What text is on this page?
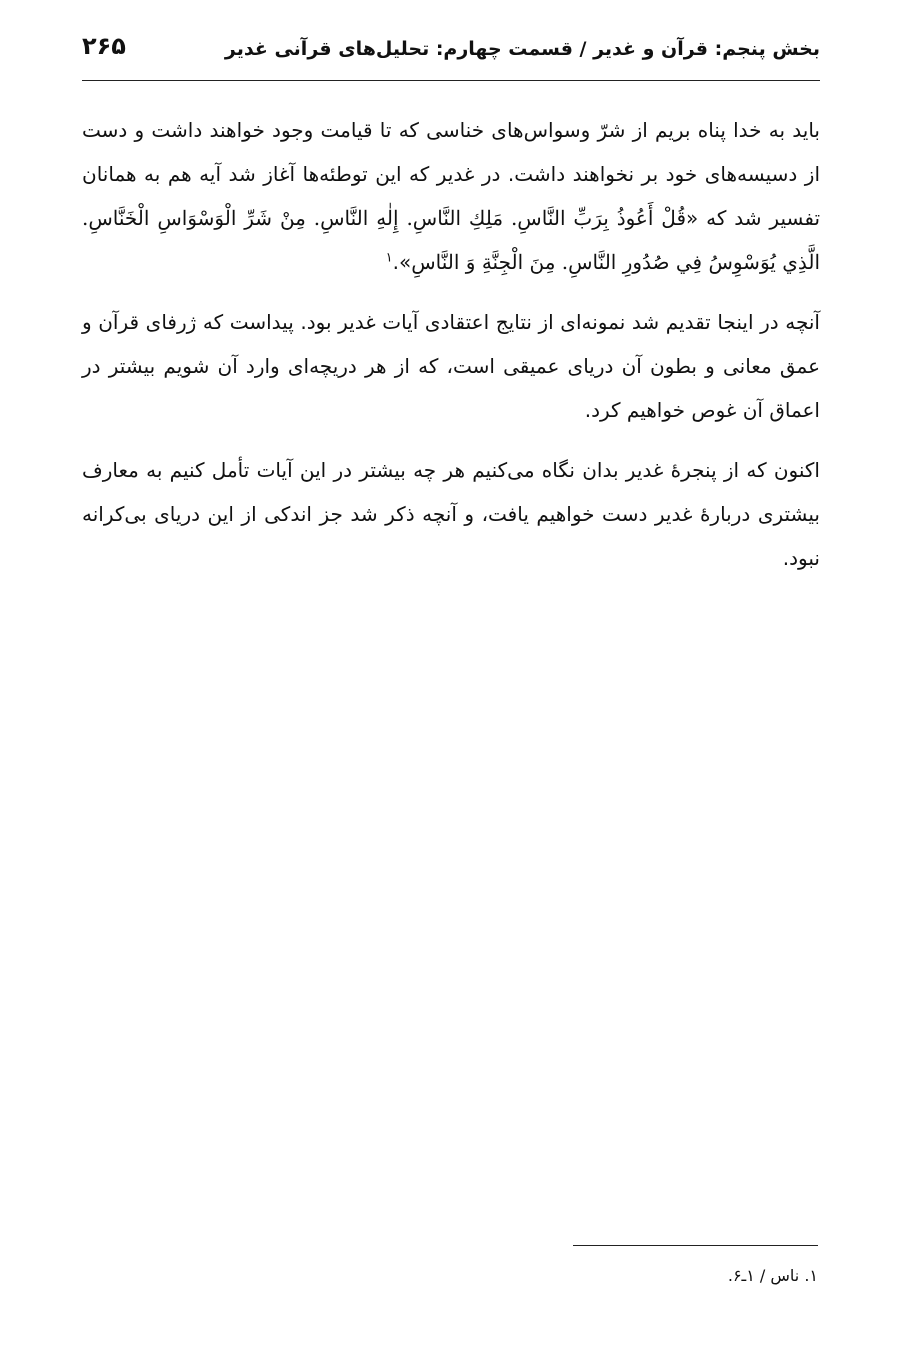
بخش پنجم: قرآن و غدیر / قسمت چهارم: تحلیل‌های قرآنی غدیر
۲۶۵

باید به خدا پناه بریم از شرّ وسواس‌های خناسی که تا قیامت وجود خواهند داشت و دست از دسیسه‌های خود بر نخواهند داشت. در غدیر که این توطئه‌ها آغاز شد آیه هم به همانان تفسیر شد که «قُلْ أَعُوذُ بِرَبِّ النَّاسِ. مَلِكِ النَّاسِ. إِلٰهِ النَّاسِ. مِنْ شَرِّ الْوَسْوَاسِ الْخَنَّاسِ. الَّذِي يُوَسْوِسُ فِي صُدُورِ النَّاسِ. مِنَ الْجِنَّةِ وَ النَّاسِ».$^۱$

آنچه در اینجا تقدیم شد نمونه‌ای از نتایج اعتقادی آیات غدیر بود. پیداست که ژرفای قرآن و عمق معانی و بطون آن دریای عمیقی است، که از هر دریچه‌ای وارد آن شویم بیشتر در اعماق آن غوص خواهیم کرد.

اکنون که از پنجرۀ غدیر بدان نگاه می‌کنیم هر چه بیشتر در این آیات تأمل کنیم به معارف بیشتری دربارۀ غدیر دست خواهیم یافت، و آنچه ذکر شد جز اندکی از این دریای بی‌کرانه نبود.

۱. ناس / ۱ـ۶.
